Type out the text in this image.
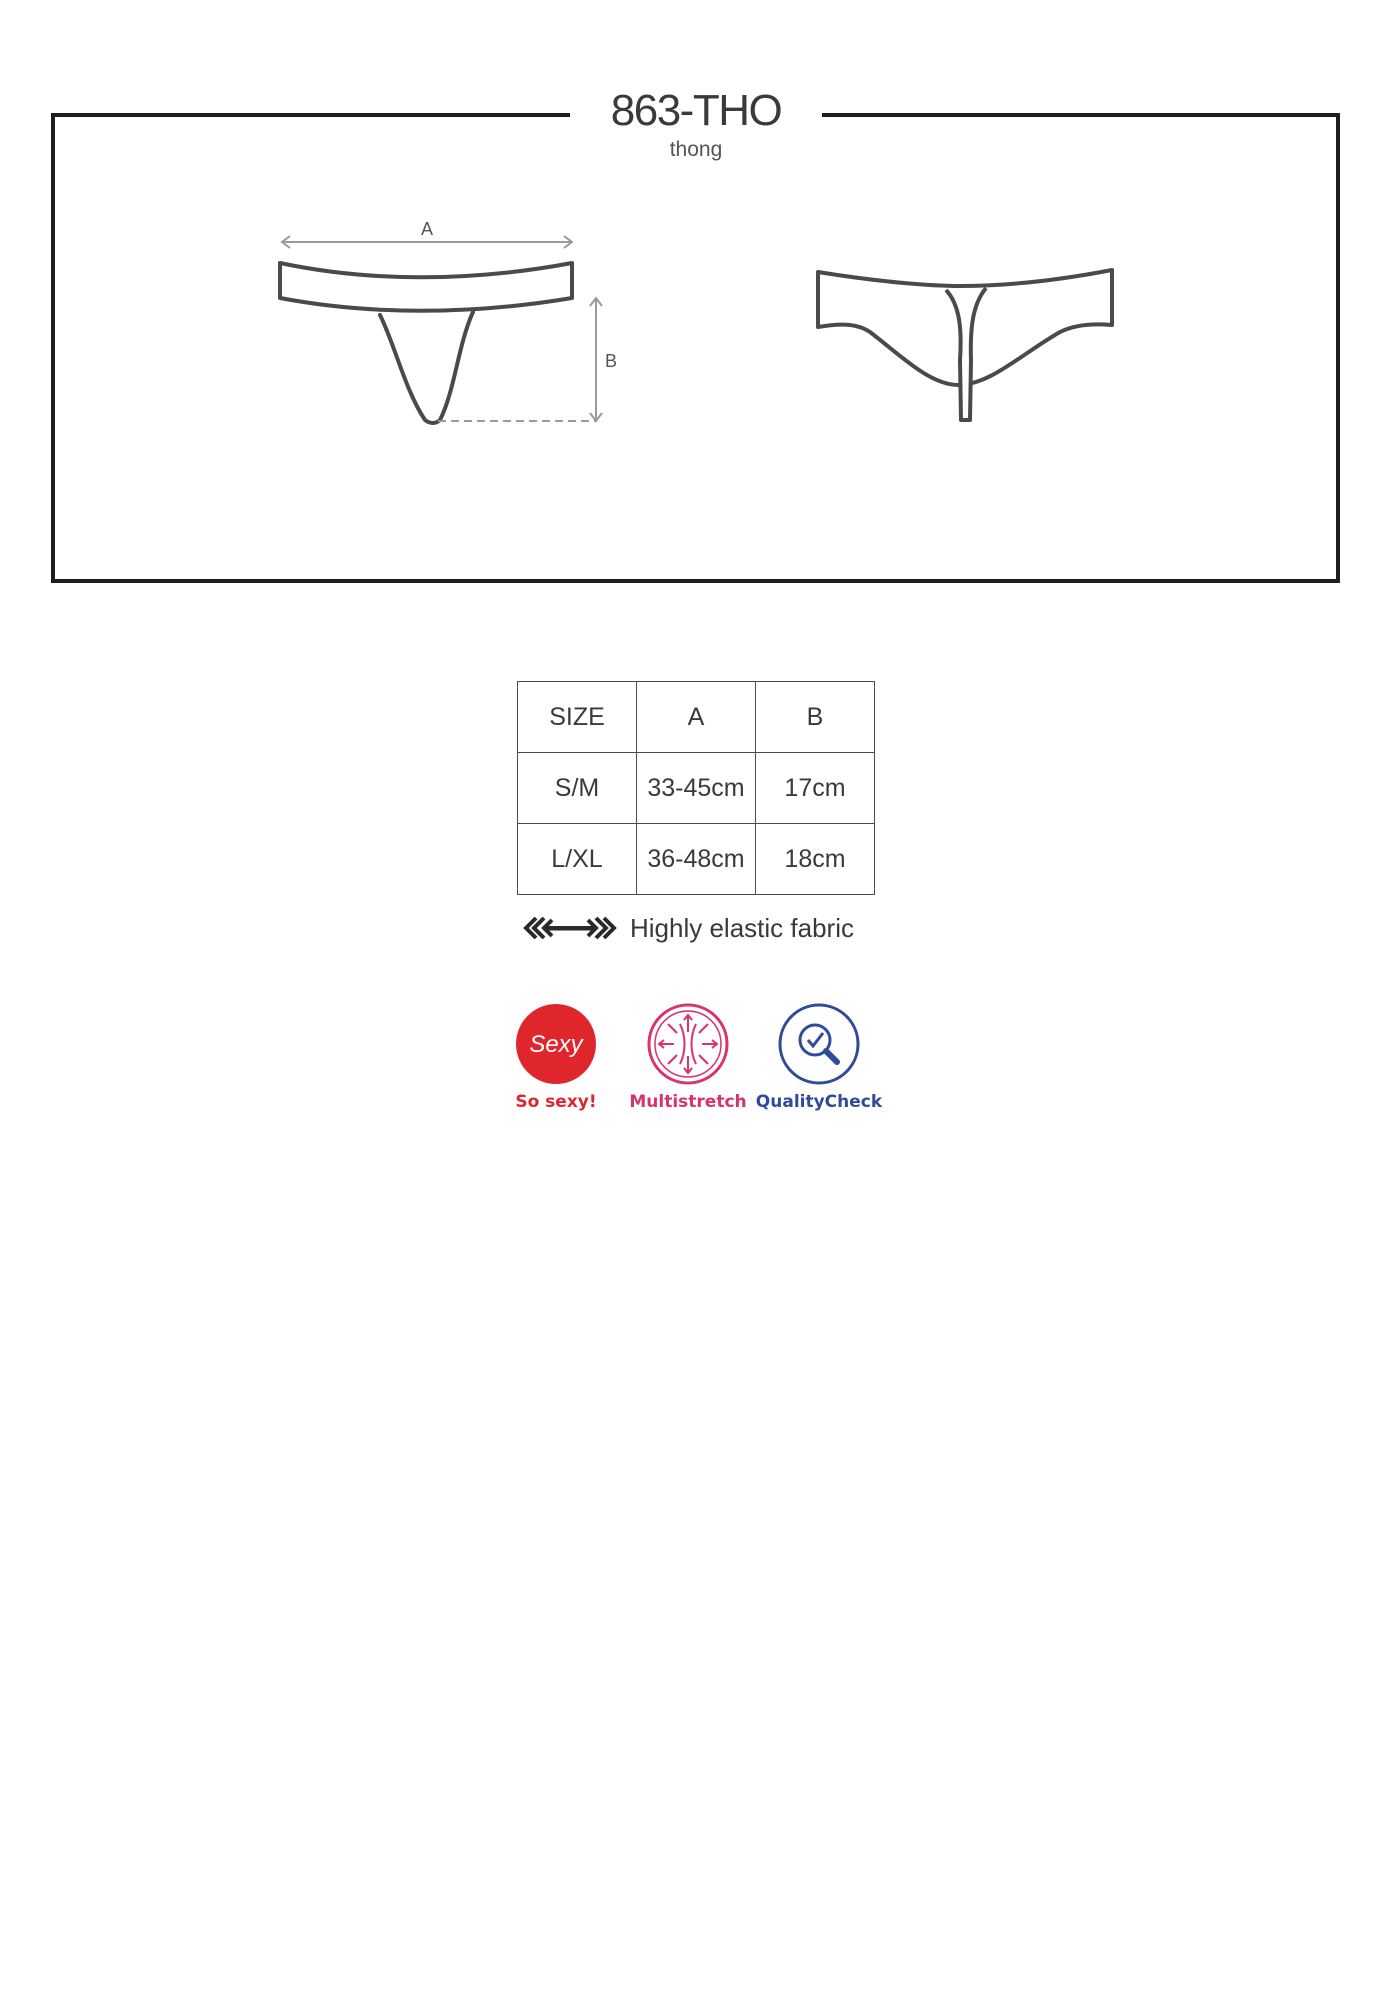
863-THO
thong
A
B
SIZE	A	B
S/M	33-45cm	17cm
L/XL	36-48cm	18cm
Highly elastic fabric
Sexy
So sexy!	Multistretch QualityCheck
